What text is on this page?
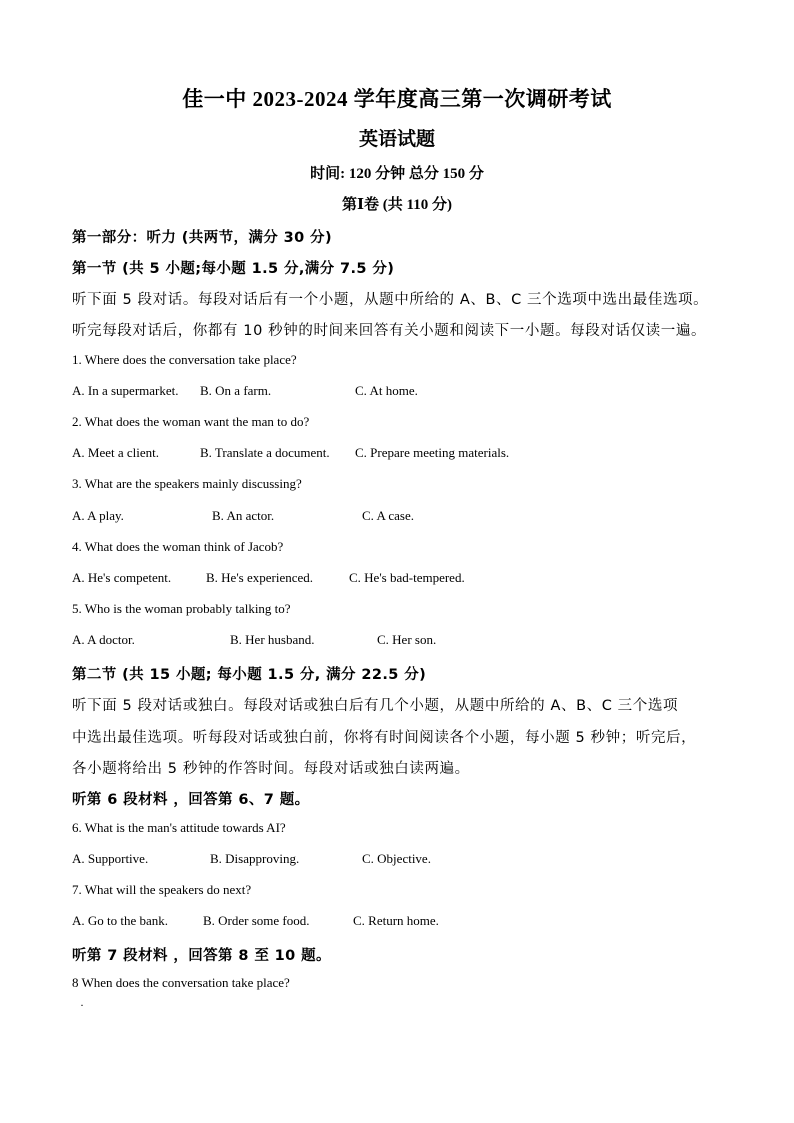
佳一中 2023-2024 学年度高三第一次调研考试
英语试题
时间: 120 分钟 总分 150 分
第Ⅰ卷 (共 110 分)
第一部分：听力 (共两节，满分 30 分)
第一节 (共 5 小题;每小题 1.5 分,满分 7.5 分)
听下面 5 段对话。每段对话后有一个小题，从题中所给的 A、B、C 三个选项中选出最佳选项。
听完每段对话后，你都有 10 秒钟的时间来回答有关小题和阅读下一小题。每段对话仅读一遍。
1. Where does the conversation take place?
A. In a supermarket. B. On a farm.	C. At home.
2. What does the woman want the man to do?
A. Meet a client.	B. Translate a document. C. Prepare meeting materials.
3. What are the speakers mainly discussing?
A. A play.	B. An actor.	C. A case.
4. What does the woman think of Jacob?
A. He's competent.	B. He's experienced.	C. He's bad-tempered.
5. Who is the woman probably talking to?
A. A doctor.	B. Her husband.	C. Her son.
第二节 (共 15 小题; 每小题 1.5 分, 满分 22.5 分)
听下面 5 段对话或独白。每段对话或独白后有几个小题，从题中所给的 A、B、C 三个选项
中选出最佳选项。听每段对话或独白前，你将有时间阅读各个小题，每小题 5 秒钟；听完后，
各小题将给出 5 秒钟的作答时间。每段对话或独白读两遍。
听第 6 段材料 ，回答第 6、7 题。
6. What is the man's attitude towards AI?
A. Supportive.	B. Disapproving.	C. Objective.
7. What will the speakers do next?
A. Go to the bank.	B. Order some food.	C. Return home.
听第 7 段材料 ，回答第 8 至 10 题。
8 When does the conversation take place?
·
